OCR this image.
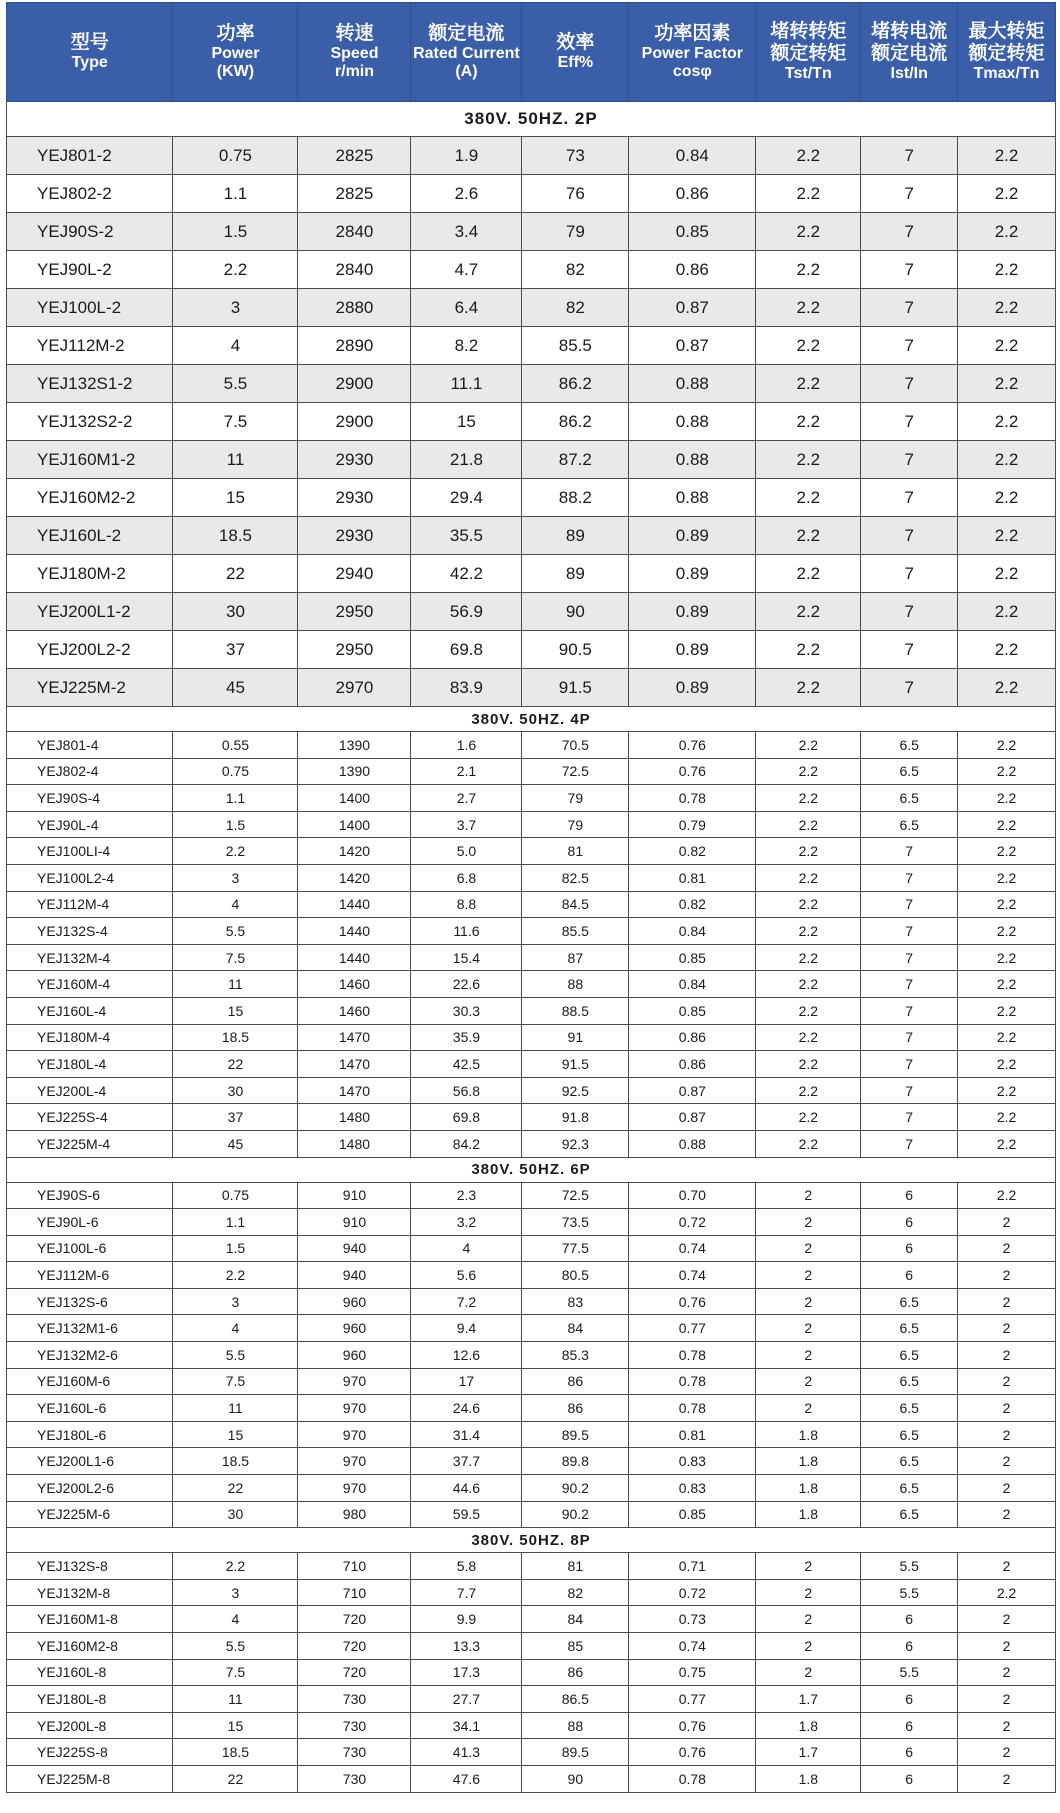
型号
Type	功率
Power
(KW)	转速
Speed
r/min	额定电流
Rated Current
(A)	效率
Eff%	功率因素
Power Factor
cosφ	堵转转矩
额定转矩
Tst/Tn	堵转电流
额定电流
Ist/In	最大转矩
额定转矩
Tmax/Tn

380V. 50HZ. 2P								
YEJ801-2	0.75	2825	1.9	73	0.84	2.2	7	2.2
YEJ802-2	1.1	2825	2.6	76	0.86	2.2	7	2.2
YEJ90S-2	1.5	2840	3.4	79	0.85	2.2	7	2.2
YEJ90L-2	2.2	2840	4.7	82	0.86	2.2	7	2.2
YEJ100L-2	3	2880	6.4	82	0.87	2.2	7	2.2
YEJ112M-2	4	2890	8.2	85.5	0.87	2.2	7	2.2
YEJ132S1-2	5.5	2900	11.1	86.2	0.88	2.2	7	2.2
YEJ132S2-2	7.5	2900	15	86.2	0.88	2.2	7	2.2
YEJ160M1-2	11	2930	21.8	87.2	0.88	2.2	7	2.2
YEJ160M2-2	15	2930	29.4	88.2	0.88	2.2	7	2.2
YEJ160L-2	18.5	2930	35.5	89	0.89	2.2	7	2.2
YEJ180M-2	22	2940	42.2	89	0.89	2.2	7	2.2
YEJ200L1-2	30	2950	56.9	90	0.89	2.2	7	2.2
YEJ200L2-2	37	2950	69.8	90.5	0.89	2.2	7	2.2
YEJ225M-2	45	2970	83.9	91.5	0.89	2.2	7	2.2
380V. 50HZ. 4P								
YEJ801-4	0.55	1390	1.6	70.5	0.76	2.2	6.5	2.2
YEJ802-4	0.75	1390	2.1	72.5	0.76	2.2	6.5	2.2
YEJ90S-4	1.1	1400	2.7	79	0.78	2.2	6.5	2.2
YEJ90L-4	1.5	1400	3.7	79	0.79	2.2	6.5	2.2
YEJ100LI-4	2.2	1420	5.0	81	0.82	2.2	7	2.2
YEJ100L2-4	3	1420	6.8	82.5	0.81	2.2	7	2.2
YEJ112M-4	4	1440	8.8	84.5	0.82	2.2	7	2.2
YEJ132S-4	5.5	1440	11.6	85.5	0.84	2.2	7	2.2
YEJ132M-4	7.5	1440	15.4	87	0.85	2.2	7	2.2
YEJ160M-4	11	1460	22.6	88	0.84	2.2	7	2.2
YEJ160L-4	15	1460	30.3	88.5	0.85	2.2	7	2.2
YEJ180M-4	18.5	1470	35.9	91	0.86	2.2	7	2.2
YEJ180L-4	22	1470	42.5	91.5	0.86	2.2	7	2.2
YEJ200L-4	30	1470	56.8	92.5	0.87	2.2	7	2.2
YEJ225S-4	37	1480	69.8	91.8	0.87	2.2	7	2.2
YEJ225M-4	45	1480	84.2	92.3	0.88	2.2	7	2.2
380V. 50HZ. 6P								
YEJ90S-6	0.75	910	2.3	72.5	0.70	2	6	2.2
YEJ90L-6	1.1	910	3.2	73.5	0.72	2	6	2
YEJ100L-6	1.5	940	4	77.5	0.74	2	6	2
YEJ112M-6	2.2	940	5.6	80.5	0.74	2	6	2
YEJ132S-6	3	960	7.2	83	0.76	2	6.5	2
YEJ132M1-6	4	960	9.4	84	0.77	2	6.5	2
YEJ132M2-6	5.5	960	12.6	85.3	0.78	2	6.5	2
YEJ160M-6	7.5	970	17	86	0.78	2	6.5	2
YEJ160L-6	11	970	24.6	86	0.78	2	6.5	2
YEJ180L-6	15	970	31.4	89.5	0.81	1.8	6.5	2
YEJ200L1-6	18.5	970	37.7	89.8	0.83	1.8	6.5	2
YEJ200L2-6	22	970	44.6	90.2	0.83	1.8	6.5	2
YEJ225M-6	30	980	59.5	90.2	0.85	1.8	6.5	2
380V. 50HZ. 8P								
YEJ132S-8	2.2	710	5.8	81	0.71	2	5.5	2
YEJ132M-8	3	710	7.7	82	0.72	2	5.5	2.2
YEJ160M1-8	4	720	9.9	84	0.73	2	6	2
YEJ160M2-8	5.5	720	13.3	85	0.74	2	6	2
YEJ160L-8	7.5	720	17.3	86	0.75	2	5.5	2
YEJ180L-8	11	730	27.7	86.5	0.77	1.7	6	2
YEJ200L-8	15	730	34.1	88	0.76	1.8	6	2
YEJ225S-8	18.5	730	41.3	89.5	0.76	1.7	6	2
YEJ225M-8	22	730	47.6	90	0.78	1.8	6	2
